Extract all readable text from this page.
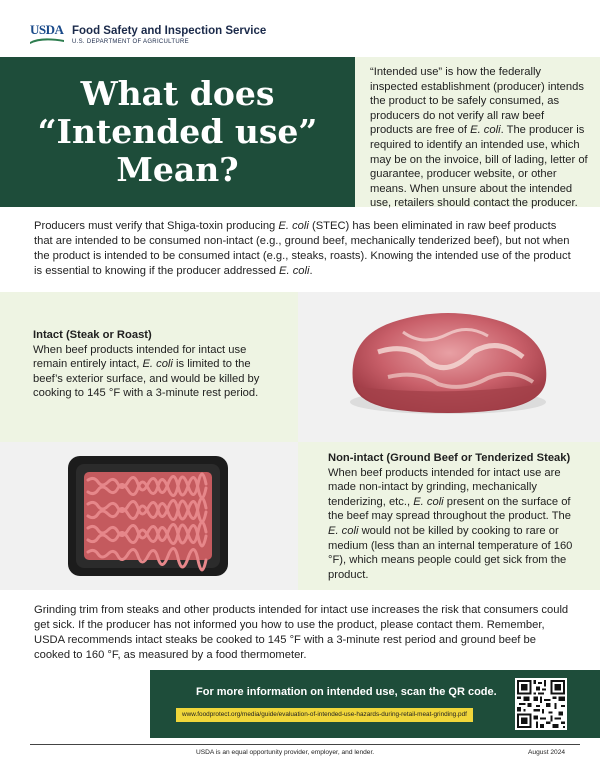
USDA Food Safety and Inspection Service
U.S. DEPARTMENT OF AGRICULTURE
What does “Intended use” Mean?

“Intended use” is how the federally inspected establishment (producer) intends the product to be safely consumed, as producers do not verify all raw beef products are free of E. coli. The producer is required to identify an intended use, which may be on the invoice, bill of lading, letter of guarantee, producer website, or other means. When unsure about the intended use, retailers should contact the producer.

Producers must verify that Shiga-toxin producing E. coli (STEC) has been eliminated in raw beef products that are intended to be consumed non-intact (e.g., ground beef, mechanically tenderized beef), but not when the product is intended to be consumed intact (e.g., steaks, roasts). Knowing the intended use of the product is essential to knowing if the producer addressed E. coli.

Intact (Steak or Roast)

When beef products intended for intact use remain entirely intact, E. coli is limited to the beef’s exterior surface, and would be killed by cooking to 145 °F with a 3-minute rest period.

Non-intact (Ground Beef or Tenderized Steak)

When beef products intended for intact use are made non-intact by grinding, mechanically tenderizing, etc., E. coli present on the surface of the beef may spread throughout the product. The E. coli would not be killed by cooking to rare or medium (less than an internal temperature of 160 °F), which means people could get sick from the product.

Grinding trim from steaks and other products intended for intact use increases the risk that consumers could get sick. If the producer has not informed you how to use the product, please contact them. Remember, USDA recommends intact steaks be cooked to 145 °F with a 3-minute rest period and ground beef be cooked to 160 °F, as measured by a food thermometer.

For more information on intended use, scan the QR code.
www.foodprotect.org/media/guide/evaluation-of-intended-use-hazards-during-retail-meat-grinding.pdf
USDA is an equal opportunity provider, employer, and lender.	August 2024
